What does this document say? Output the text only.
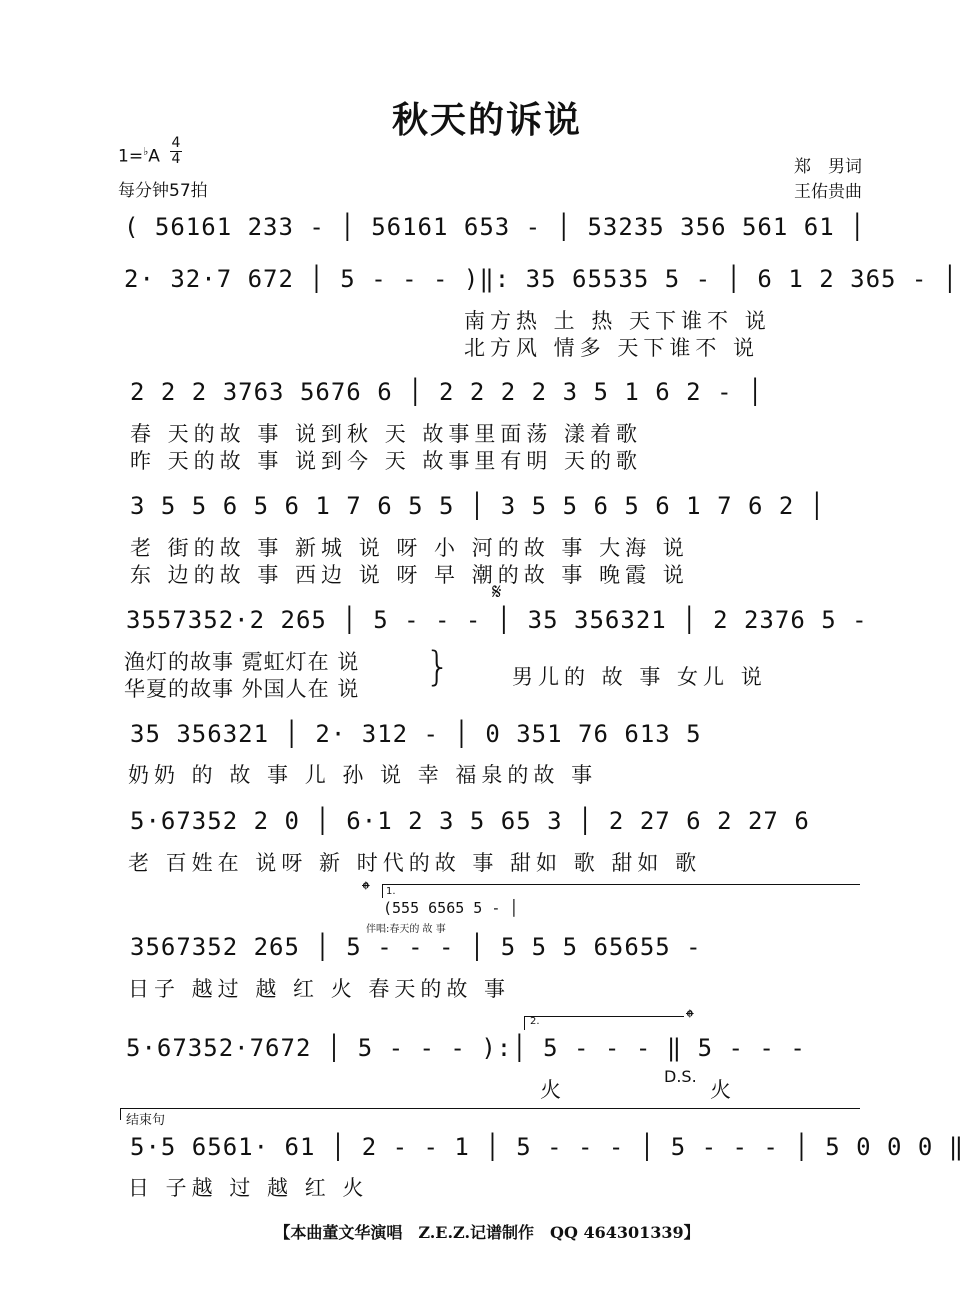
秋天的诉说
1=♭A
4
4
每分钟57拍
郑　男词
王佑贵曲
( 56161 233 - │ 56161 653 - │ 53235 356 561 61 │
2· 32·7 672 │ 5 - - - )‖: 35 65535 5 - │ 6 1 2 365 - │
南方热 土 热 天下谁不 说
北方风 情多 天下谁不 说
2 2 2 3763 5676 6 │ 2 2 2 2 3 5 1 6 2 - │
春 天的故 事 说到秋 天 故事里面荡 漾着歌
昨 天的故 事 说到今 天 故事里有明 天的歌
3 5 5 6 5 6 1 7 6 5 5 │ 3 5 5 6 5 6 1 7 6 2 │
老 街的故 事 新城 说 呀 小 河的故 事 大海 说
东 边的故 事 西边 说 呀 早 潮的故 事 晚霞 说
𝄋
3557352·2 265 │ 5 - - - │ 35 356321 │ 2 2376 5 -
渔灯的故事 霓虹灯在 说
华夏的故事 外国人在 说 }	男儿的 故 事 女儿 说
35 356321 │ 2· 312 - │ 0 351 76 613 5
奶奶 的 故 事 儿 孙 说 幸 福泉的故 事
5·67352 2 0 │ 6·1 2 3 5 65 3 │ 2 27 6 2 27 6
老 百姓在 说呀 新 时代的故 事 甜如 歌 甜如 歌
𝄌 1.
(555 6565 5 - │
伴唱:春天的 故 事
3567352 265 │ 5 - - - │ 5 5 5 65655 -
日子 越过 越 红 火 春天的故 事
2.	𝄌
5·67352·7672 │ 5 - - - ):│ 5 - - - ‖ 5 - - -
火
D.S.
火
结束句
5·5 6561· 61 │ 2 - - 1 │ 5 - - - │ 5 - - - │ 5 0 0 0 ‖
日 子越 过 越 红 火
【本曲董文华演唱　Z.E.Z.记谱制作　QQ 464301339】
